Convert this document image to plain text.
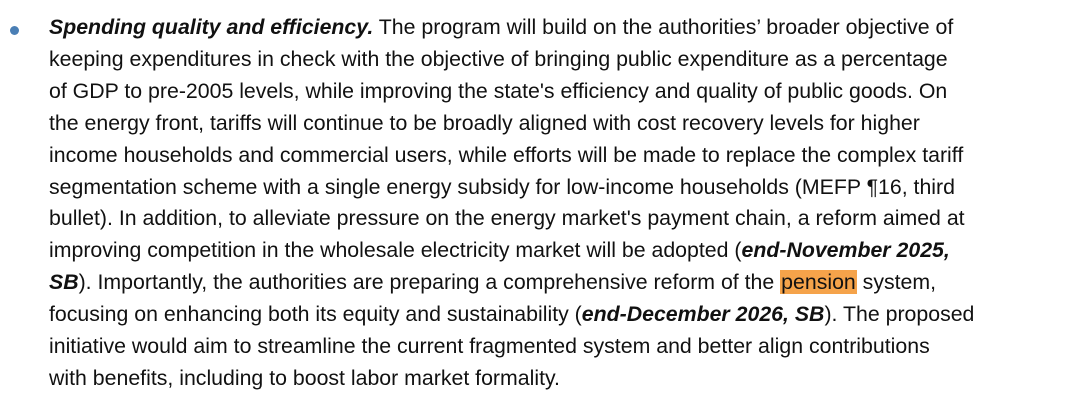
Spending quality and efficiency. The program will build on the authorities’ broader objective of
keeping expenditures in check with the objective of bringing public expenditure as a percentage
of GDP to pre-2005 levels, while improving the state's efficiency and quality of public goods. On
the energy front, tariffs will continue to be broadly aligned with cost recovery levels for higher
income households and commercial users, while efforts will be made to replace the complex tariff
segmentation scheme with a single energy subsidy for low-income households (MEFP ¶16, third
bullet). In addition, to alleviate pressure on the energy market's payment chain, a reform aimed at
improving competition in the wholesale electricity market will be adopted (end-November 2025,
SB). Importantly, the authorities are preparing a comprehensive reform of the pension system,
focusing on enhancing both its equity and sustainability (end-December 2026, SB). The proposed
initiative would aim to streamline the current fragmented system and better align contributions
with benefits, including to boost labor market formality.
